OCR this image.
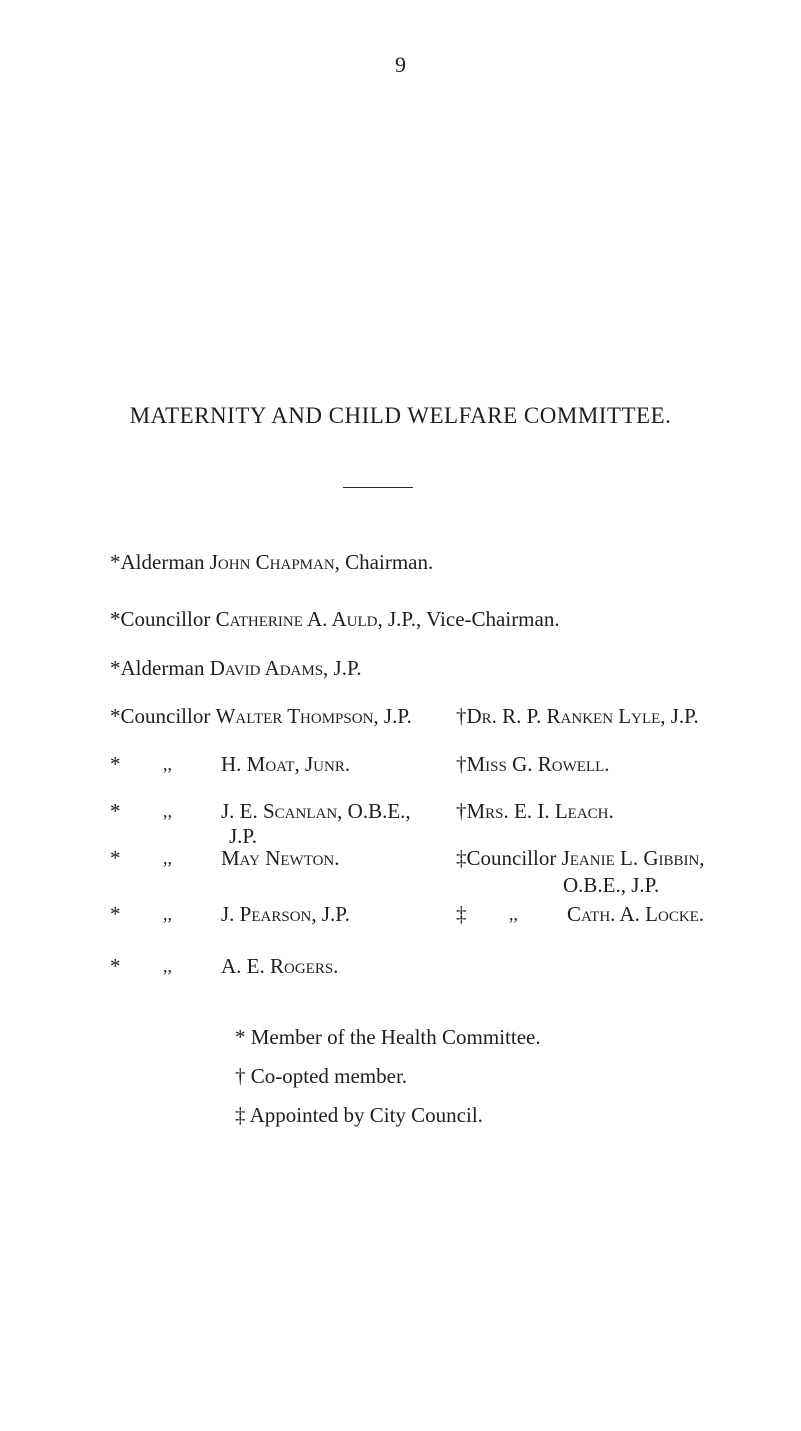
9
MATERNITY AND CHILD WELFARE COMMITTEE.
*Alderman John Chapman, Chairman.
*Councillor Catherine A. Auld, J.P., Vice-Chairman.
*Alderman David Adams, J.P.
*Councillor Walter Thompson, J.P.
* ,, H. Moat, Junr.
* ,, J. E. Scanlan, O.B.E.,
J.P.
* ,, May Newton.
* ,, J. Pearson, J.P.
* ,, A. E. Rogers.
†Dr. R. P. Ranken Lyle, J.P.
†Miss G. Rowell.
†Mrs. E. I. Leach.
‡Councillor Jeanie L. Gibbin,
O.B.E., J.P.
‡ ,, Cath. A. Locke.
* Member of the Health Committee.
† Co-opted member.
‡ Appointed by City Council.
